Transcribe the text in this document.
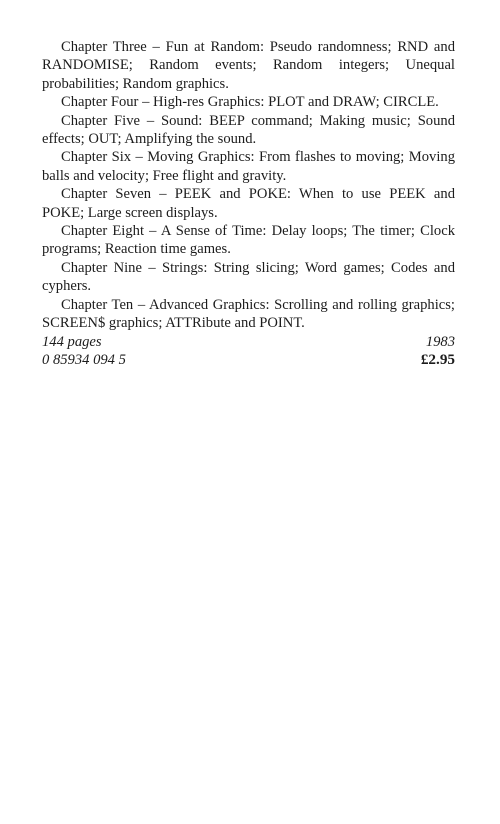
Chapter Three – Fun at Random: Pseudo randomness; RND and RANDOMISE; Random events; Random integers; Unequal probabilities; Random graphics.

Chapter Four – High-res Graphics: PLOT and DRAW; CIRCLE.

Chapter Five – Sound: BEEP command; Making music; Sound effects; OUT; Amplifying the sound.

Chapter Six – Moving Graphics: From flashes to moving; Moving balls and velocity; Free flight and gravity.

Chapter Seven – PEEK and POKE: When to use PEEK and POKE; Large screen displays.

Chapter Eight – A Sense of Time: Delay loops; The timer; Clock programs; Reaction time games.

Chapter Nine – Strings: String slicing; Word games; Codes and cyphers.

Chapter Ten – Advanced Graphics: Scrolling and rolling graphics; SCREEN$ graphics; ATTRibute and POINT.

144 pages	1983
0 85934 094 5	£2.95
